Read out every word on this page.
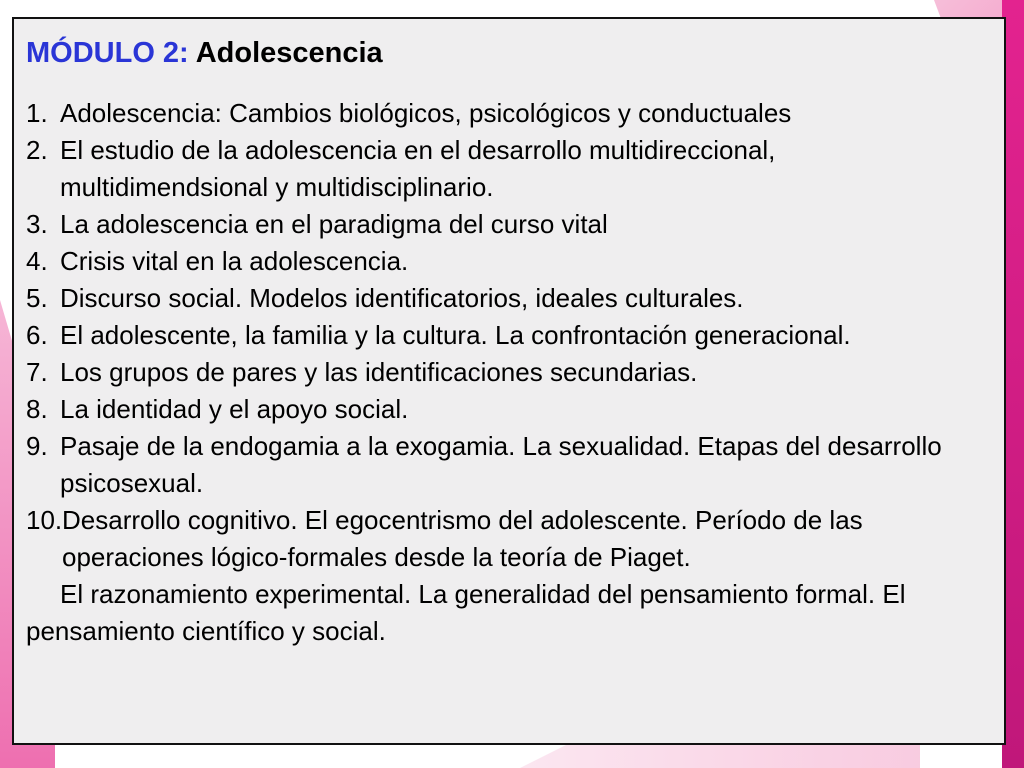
MÓDULO 2: Adolescencia
1. Adolescencia: Cambios biológicos, psicológicos y conductuales
2. El estudio de la adolescencia en el desarrollo multidireccional, multidimendsional y multidisciplinario.
3. La adolescencia en el paradigma del curso vital
4. Crisis vital en la adolescencia.
5. Discurso social. Modelos identificatorios, ideales culturales.
6. El adolescente, la familia y la cultura. La confrontación generacional.
7. Los grupos de pares y las identificaciones secundarias.
8. La identidad y el apoyo social.
9. Pasaje de la endogamia a la exogamia. La sexualidad. Etapas del desarrollo psicosexual.
10. Desarrollo cognitivo. El egocentrismo del adolescente. Período de las operaciones lógico-formales desde la teoría de Piaget.

El razonamiento experimental. La generalidad del pensamiento formal. El pensamiento científico y social.
